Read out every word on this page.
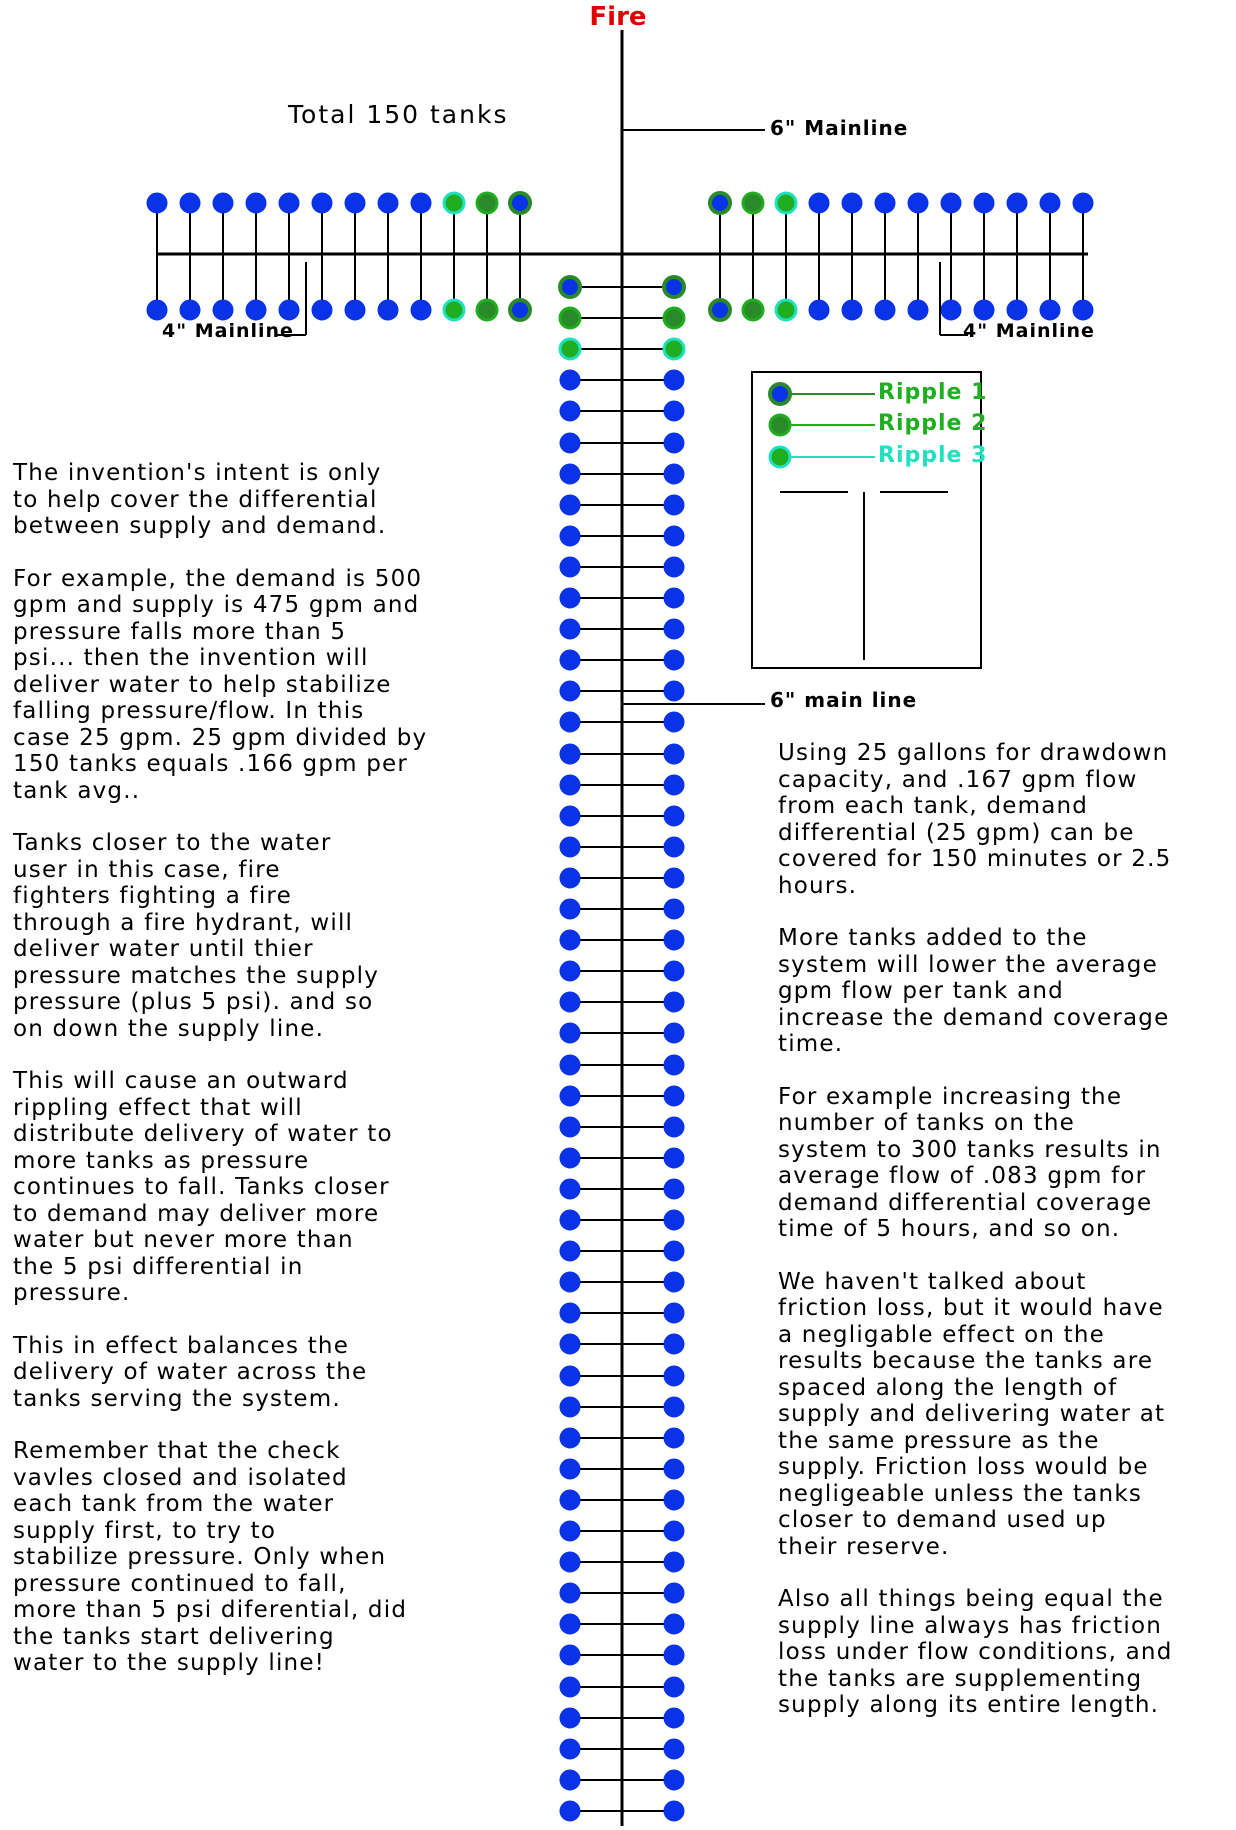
Fire
Total 150 tanks	6" Mainline
4" Mainline	4" Mainline
6" main line
Ripple 1
Ripple 2
Ripple 3

The invention's intent is only
to help cover the differential
between supply and demand.

For example, the demand is 500
gpm and supply is 475 gpm and
pressure falls more than 5
psi... then the invention will
deliver water to help stabilize
falling pressure/flow. In this
case 25 gpm. 25 gpm divided by
150 tanks equals .166 gpm per
tank avg..

Tanks closer to the water
user in this case, fire
fighters fighting a fire
through a fire hydrant, will
deliver water until thier
pressure matches the supply
pressure (plus 5 psi). and so
on down the supply line.

This will cause an outward
rippling effect that will
distribute delivery of water to
more tanks as pressure
continues to fall. Tanks closer
to demand may deliver more
water but never more than
the 5 psi differential in
pressure.

This in effect balances the
delivery of water across the
tanks serving the system.

Remember that the check
vavles closed and isolated
each tank from the water
supply first, to try to
stabilize pressure. Only when
pressure continued to fall,
more than 5 psi diferential, did
the tanks start delivering
water to the supply line!

Using 25 gallons for drawdown
capacity, and .167 gpm flow
from each tank, demand
differential (25 gpm) can be
covered for 150 minutes or 2.5
hours.

More tanks added to the
system will lower the average
gpm flow per tank and
increase the demand coverage
time.

For example increasing the
number of tanks on the
system to 300 tanks results in
average flow of .083 gpm for
demand differential coverage
time of 5 hours, and so on.

We haven't talked about
friction loss, but it would have
a negligable effect on the
results because the tanks are
spaced along the length of
supply and delivering water at
the same pressure as the
supply. Friction loss would be
negligeable unless the tanks
closer to demand used up
their reserve.

Also all things being equal the
supply line always has friction
loss under flow conditions, and
the tanks are supplementing
supply along its entire length.
